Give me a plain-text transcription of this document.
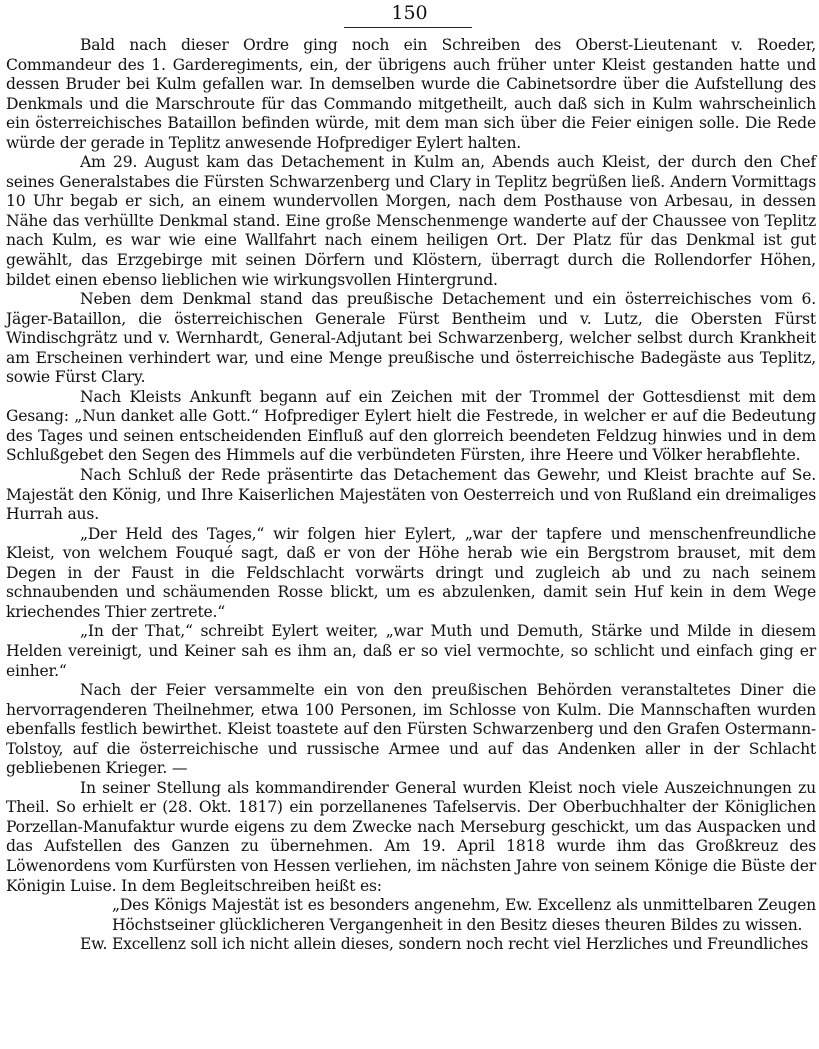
150

Bald nach dieser Ordre ging noch ein Schreiben des Oberst-Lieutenant v. Roeder, Commandeur des 1. Garderegiments, ein, der übrigens auch früher unter Kleist gestanden hatte und dessen Bruder bei Kulm gefallen war. In demselben wurde die Cabinetsordre über die Aufstellung des Denkmals und die Marschroute für das Commando mitgetheilt, auch daß sich in Kulm wahrscheinlich ein österreichisches Bataillon befinden würde, mit dem man sich über die Feier einigen solle. Die Rede würde der gerade in Teplitz anwesende Hofprediger Eylert halten.

Am 29. August kam das Detachement in Kulm an, Abends auch Kleist, der durch den Chef seines Generalstabes die Fürsten Schwarzenberg und Clary in Teplitz begrüßen ließ. Andern Vormittags 10 Uhr begab er sich, an einem wundervollen Morgen, nach dem Posthause von Arbesau, in dessen Nähe das verhüllte Denkmal stand. Eine große Menschenmenge wanderte auf der Chaussee von Teplitz nach Kulm, es war wie eine Wallfahrt nach einem heiligen Ort. Der Platz für das Denkmal ist gut gewählt, das Erzgebirge mit seinen Dörfern und Klöstern, überragt durch die Rollendorfer Höhen, bildet einen ebenso lieblichen wie wirkungsvollen Hintergrund.

Neben dem Denkmal stand das preußische Detachement und ein österreichisches vom 6. Jäger-Bataillon, die österreichischen Generale Fürst Bentheim und v. Lutz, die Obersten Fürst Windischgrätz und v. Wernhardt, General-Adjutant bei Schwarzenberg, welcher selbst durch Krankheit am Erscheinen verhindert war, und eine Menge preußische und österreichische Badegäste aus Teplitz, sowie Fürst Clary.

Nach Kleists Ankunft begann auf ein Zeichen mit der Trommel der Gottesdienst mit dem Gesang: „Nun danket alle Gott.“ Hofprediger Eylert hielt die Festrede, in welcher er auf die Bedeutung des Tages und seinen entscheidenden Einfluß auf den glorreich beendeten Feldzug hinwies und in dem Schlußgebet den Segen des Himmels auf die verbündeten Fürsten, ihre Heere und Völker herabflehte.

Nach Schluß der Rede präsentirte das Detachement das Gewehr, und Kleist brachte auf Se. Majestät den König, und Ihre Kaiserlichen Majestäten von Oesterreich und von Rußland ein dreimaliges Hurrah aus.

„Der Held des Tages,“ wir folgen hier Eylert, „war der tapfere und menschenfreundliche Kleist, von welchem Fouqué sagt, daß er von der Höhe herab wie ein Bergstrom brauset, mit dem Degen in der Faust in die Feldschlacht vorwärts dringt und zugleich ab und zu nach seinem schnaubenden und schäumenden Rosse blickt, um es abzulenken, damit sein Huf kein in dem Wege kriechendes Thier zertrete.“

„In der That,“ schreibt Eylert weiter, „war Muth und Demuth, Stärke und Milde in diesem Helden vereinigt, und Keiner sah es ihm an, daß er so viel vermochte, so schlicht und einfach ging er einher.“

Nach der Feier versammelte ein von den preußischen Behörden veranstaltetes Diner die hervorragenderen Theilnehmer, etwa 100 Personen, im Schlosse von Kulm. Die Mannschaften wurden ebenfalls festlich bewirthet. Kleist toastete auf den Fürsten Schwarzenberg und den Grafen Ostermann-Tolstoy, auf die österreichische und russische Armee und auf das Andenken aller in der Schlacht gebliebenen Krieger. —

In seiner Stellung als kommandirender General wurden Kleist noch viele Auszeichnungen zu Theil. So erhielt er (28. Okt. 1817) ein porzellanenes Tafelservis. Der Oberbuchhalter der Königlichen Porzellan-Manufaktur wurde eigens zu dem Zwecke nach Merseburg geschickt, um das Auspacken und das Aufstellen des Ganzen zu übernehmen. Am 19. April 1818 wurde ihm das Großkreuz des Löwenordens vom Kurfürsten von Hessen verliehen, im nächsten Jahre von seinem Könige die Büste der Königin Luise. In dem Begleitschreiben heißt es:

„Des Königs Majestät ist es besonders angenehm, Ew. Excellenz als unmittelbaren Zeugen Höchstseiner glücklicheren Vergangenheit in den Besitz dieses theuren Bildes zu wissen.

Ew. Excellenz soll ich nicht allein dieses, sondern noch recht viel Herzliches und Freundliches
